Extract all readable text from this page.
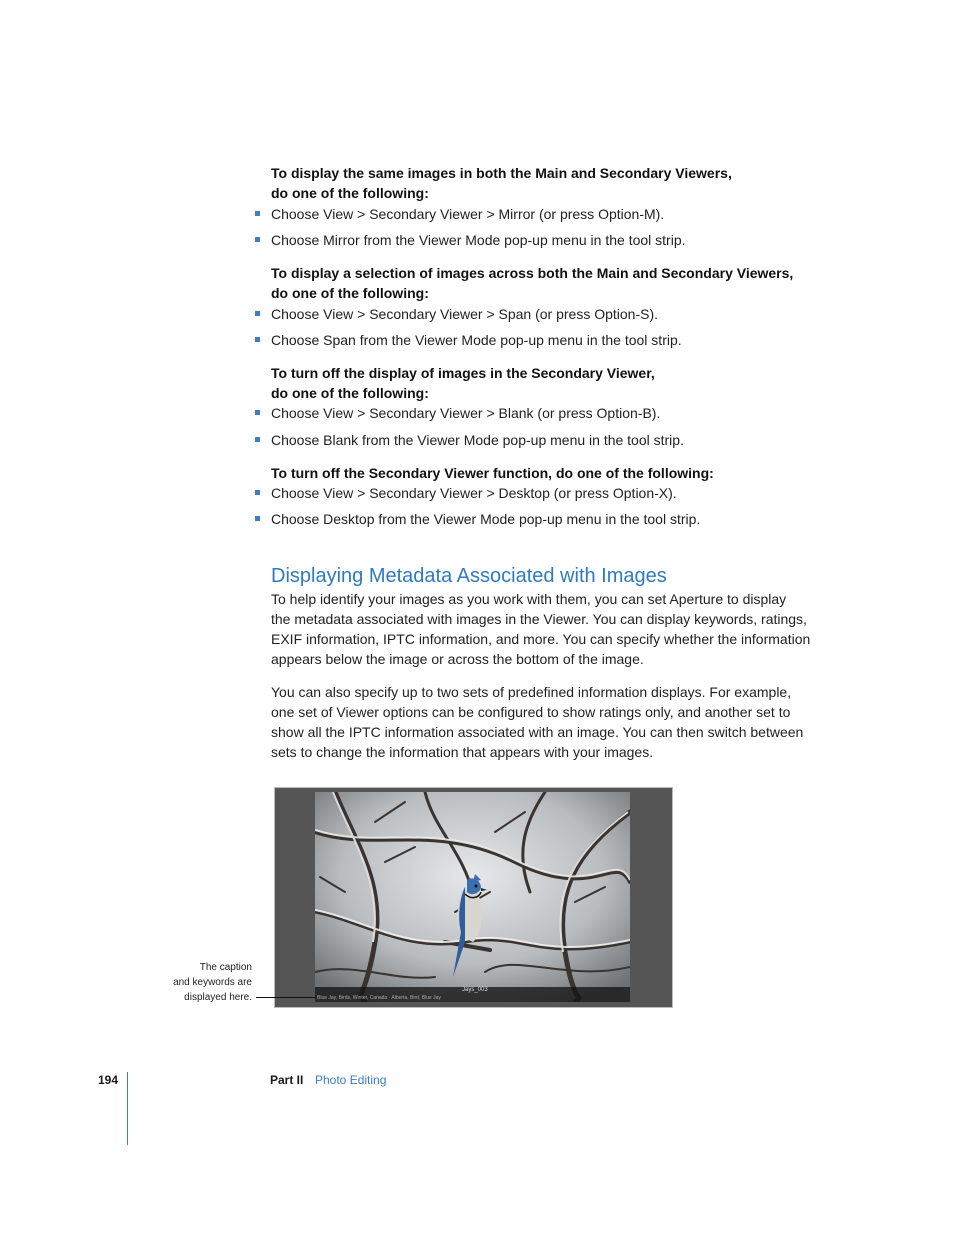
To display the same images in both the Main and Secondary Viewers,
do one of the following:
Choose View > Secondary Viewer > Mirror (or press Option-M).
Choose Mirror from the Viewer Mode pop-up menu in the tool strip.
To display a selection of images across both the Main and Secondary Viewers,
do one of the following:
Choose View > Secondary Viewer > Span (or press Option-S).
Choose Span from the Viewer Mode pop-up menu in the tool strip.
To turn off the display of images in the Secondary Viewer,
do one of the following:
Choose View > Secondary Viewer > Blank (or press Option-B).
Choose Blank from the Viewer Mode pop-up menu in the tool strip.
To turn off the Secondary Viewer function, do one of the following:
Choose View > Secondary Viewer > Desktop (or press Option-X).
Choose Desktop from the Viewer Mode pop-up menu in the tool strip.
Displaying Metadata Associated with Images
To help identify your images as you work with them, you can set Aperture to display
the metadata associated with images in the Viewer. You can display keywords, ratings,
EXIF information, IPTC information, and more. You can specify whether the information
appears below the image or across the bottom of the image.
You can also specify up to two sets of predefined information displays. For example,
one set of Viewer options can be configured to show ratings only, and another set to
show all the IPTC information associated with an image. You can then switch between
sets to change the information that appears with your images.
Jays_003
Blue Jay, Birds, Winter, Canada · Alberta, Bird, Blue Jay
The caption
and keywords are
displayed here.
194	Part II Photo Editing
